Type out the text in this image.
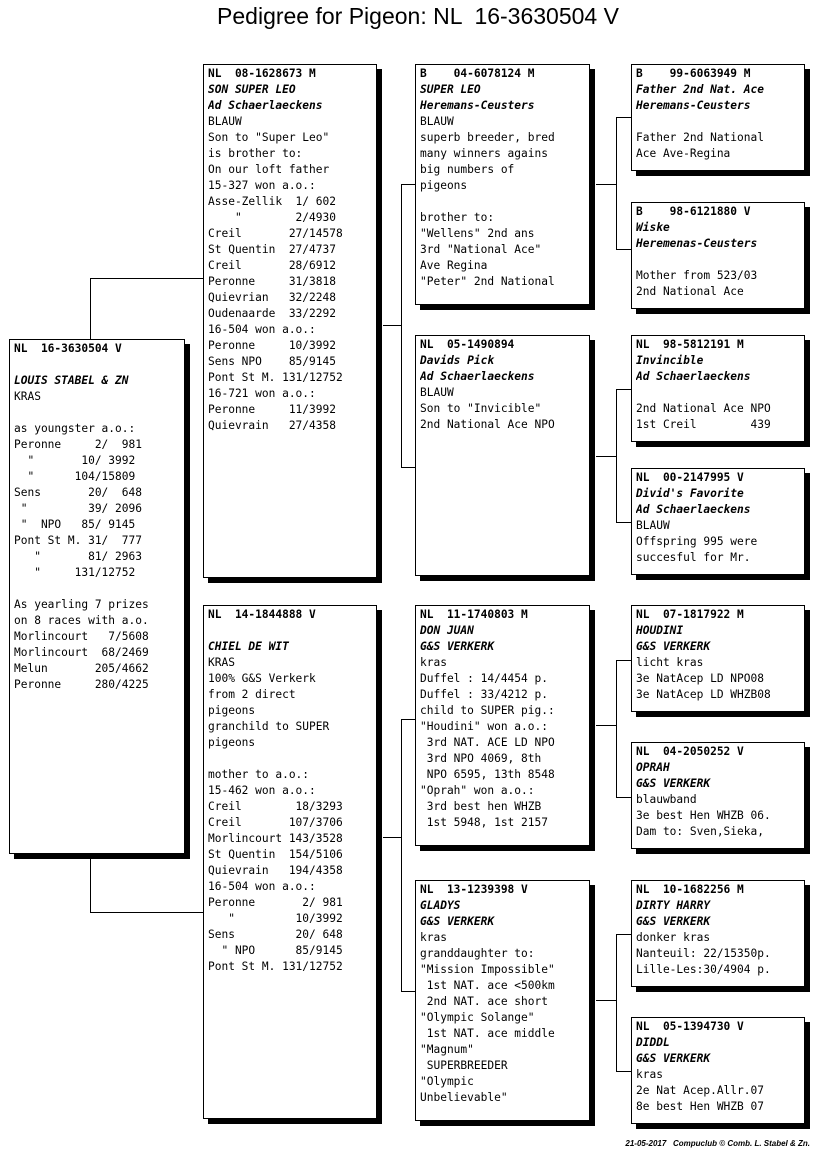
Pedigree for Pigeon: NL  16-3630504 V
NL  16-3630504 V
LOUIS STABEL & ZN
KRAS
as youngster a.o.:
Peronne     2/  981
"       10/ 3992
"      104/15809
Sens       20/  648
"         39/ 2096
"  NPO   85/ 9145
Pont St M. 31/  777
"       81/ 2963
"     131/12752
As yearling 7 prizes
on 8 races with a.o.
Morlincourt   7/5608
Morlincourt  68/2469
Melun       205/4662
Peronne     280/4225
NL  08-1628673 M
SON SUPER LEO
Ad Schaerlaeckens
BLAUW
Son to "Super Leo"
is brother to:
On our loft father
15-327 won a.o.:
Asse-Zellik  1/ 602
"        2/4930
Creil       27/14578
St Quentin  27/4737
Creil       28/6912
Peronne     31/3818
Quievrian   32/2248
Oudenaarde  33/2292
16-504 won a.o.:
Peronne     10/3992
Sens NPO    85/9145
Pont St M. 131/12752
16-721 won a.o.:
Peronne     11/3992
Quievrain   27/4358
NL  14-1844888 V
CHIEL DE WIT
KRAS
100% G&S Verkerk
from 2 direct
pigeons
granchild to SUPER
pigeons
mother to a.o.:
15-462 won a.o.:
Creil        18/3293
Creil       107/3706
Morlincourt 143/3528
St Quentin  154/5106
Quievrain   194/4358
16-504 won a.o.:
Peronne       2/ 981
"         10/3992
Sens         20/ 648
" NPO      85/9145
Pont St M. 131/12752
B    04-6078124 M
SUPER LEO
Heremans-Ceusters
BLAUW
superb breeder, bred
many winners agains
big numbers of
pigeons
brother to:
"Wellens" 2nd ans
3rd "National Ace"
Ave Regina
"Peter" 2nd National
NL  05-1490894
Davids Pick
Ad Schaerlaeckens
BLAUW
Son to "Invicible"
2nd National Ace NPO
NL  11-1740803 M
DON JUAN
G&S VERKERK
kras
Duffel : 14/4454 p.
Duffel : 33/4212 p.
child to SUPER pig.:
"Houdini" won a.o.:
3rd NAT. ACE LD NPO
3rd NPO 4069, 8th
NPO 6595, 13th 8548
"Oprah" won a.o.:
3rd best hen WHZB
1st 5948, 1st 2157
NL  13-1239398 V
GLADYS
G&S VERKERK
kras
granddaughter to:
"Mission Impossible"
1st NAT. ace <500km
2nd NAT. ace short
"Olympic Solange"
1st NAT. ace middle
"Magnum"
SUPERBREEDER
"Olympic
Unbelievable"
B    99-6063949 M
Father 2nd Nat. Ace
Heremans-Ceusters
Father 2nd National
Ace Ave-Regina
B    98-6121880 V
Wiske
Heremenas-Ceusters
Mother from 523/03
2nd National Ace
NL  98-5812191 M
Invincible
Ad Schaerlaeckens
2nd National Ace NPO
1st Creil        439
NL  00-2147995 V
Divid's Favorite
Ad Schaerlaeckens
BLAUW
Offspring 995 were
succesful for Mr.
NL  07-1817922 M
HOUDINI
G&S VERKERK
licht kras
3e NatAcep LD NPO08
3e NatAcep LD WHZB08
NL  04-2050252 V
OPRAH
G&S VERKERK
blauwband
3e best Hen WHZB 06.
Dam to: Sven,Sieka,
NL  10-1682256 M
DIRTY HARRY
G&S VERKERK
donker kras
Nanteuil: 22/15350p.
Lille-Les:30/4904 p.
NL  05-1394730 V
DIDDL
G&S VERKERK
kras
2e Nat Acep.Allr.07
8e best Hen WHZB 07
21-05-2017   Compuclub © Comb. L. Stabel & Zn.
